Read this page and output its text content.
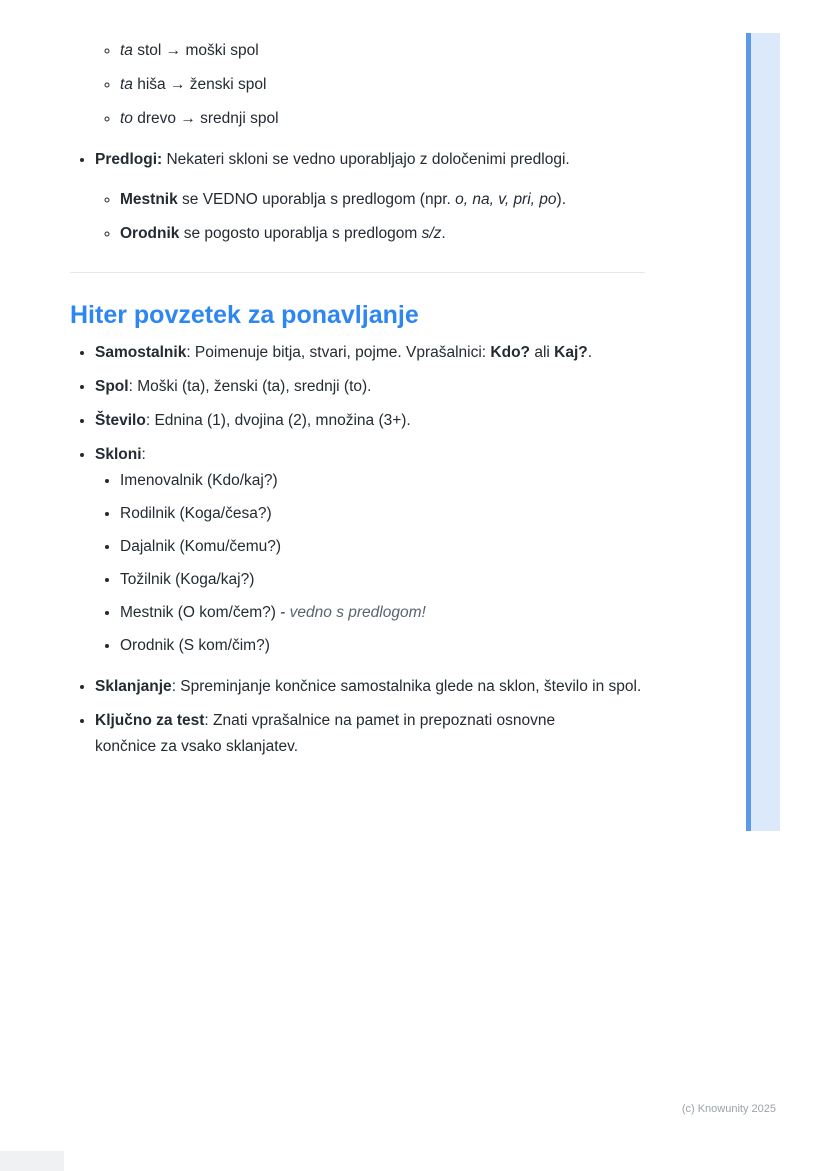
◦ ta stol → moški spol
◦ ta hiša → ženski spol
◦ to drevo → srednji spol
• Predlogi: Nekateri skloni se vedno uporabljajo z določenimi predlogi.
◦ Mestnik se VEDNO uporablja s predlogom (npr. o, na, v, pri, po).
◦ Orodnik se pogosto uporablja s predlogom s/z.
Hiter povzetek za ponavljanje
• Samostalnik: Poimenuje bitja, stvari, pojme. Vprašalnici: Kdo? ali Kaj?.
• Spol: Moški (ta), ženski (ta), srednji (to).
• Število: Ednina (1), dvojina (2), množina (3+).
• Skloni:
• Imenovalnik (Kdo/kaj?)
• Rodilnik (Koga/česa?)
• Dajalnik (Komu/čemu?)
• Tožilnik (Koga/kaj?)
• Mestnik (O kom/čem?) - vedno s predlogom!
• Orodnik (S kom/čim?)
• Sklanjanje: Spreminjanje končnice samostalnika glede na sklon, število in spol.
• Ključno za test: Znati vprašalnice na pamet in prepoznati osnovne končnice za vsako sklanjatev.
(c) Knowunity 2025
